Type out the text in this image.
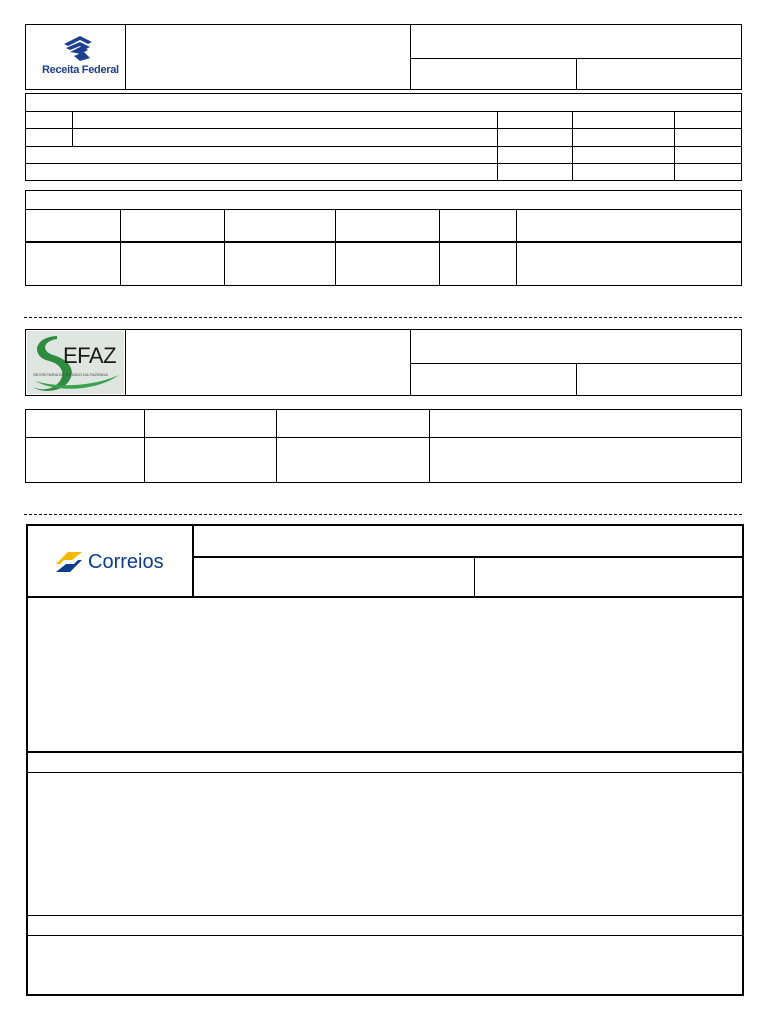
Receita Federal
EFAZ
SECRETARIA DE ESTADO DA FAZENDA
Correios
